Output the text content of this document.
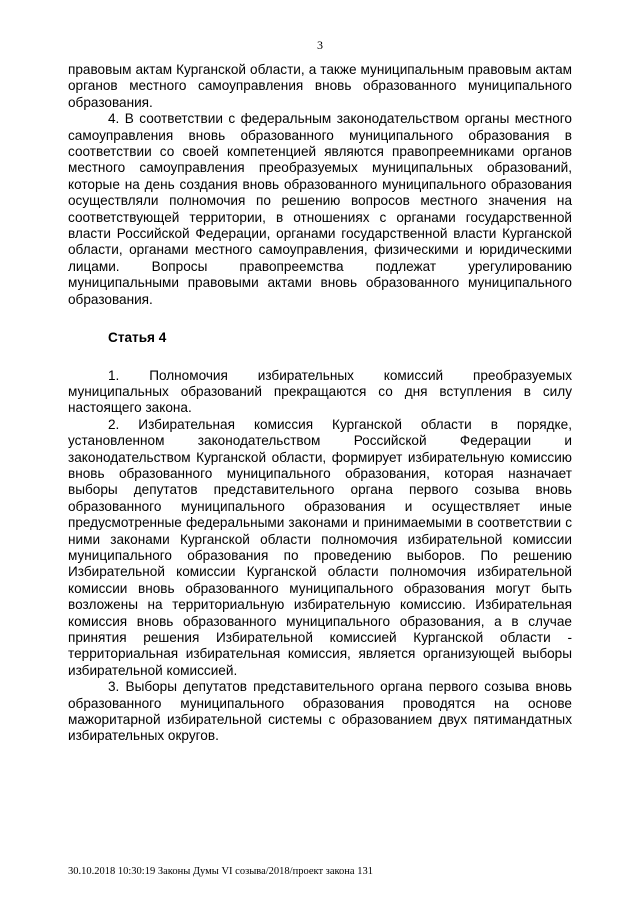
3

правовым актам Курганской области, а также муниципальным правовым актам органов местного самоуправления вновь образованного муниципального образования.

4. В соответствии с федеральным законодательством органы местного самоуправления вновь образованного муниципального образования в соответствии со своей компетенцией являются правопреемниками органов местного самоуправления преобразуемых муниципальных образований, которые на день создания вновь образованного муниципального образования осуществляли полномочия по решению вопросов местного значения на соответствующей территории, в отношениях с органами государственной власти Российской Федерации, органами государственной власти Курганской области, органами местного самоуправления, физическими и юридическими лицами. Вопросы правопреемства подлежат урегулированию муниципальными правовыми актами вновь образованного муниципального образования.

Статья 4

1. Полномочия избирательных комиссий преобразуемых муниципальных образований прекращаются со дня вступления в силу настоящего закона.

2. Избирательная комиссия Курганской области в порядке, установленном законодательством Российской Федерации и законодательством Курганской области, формирует избирательную комиссию вновь образованного муниципального образования, которая назначает выборы депутатов представительного органа первого созыва вновь образованного муниципального образования и осуществляет иные предусмотренные федеральными законами и принимаемыми в соответствии с ними законами Курганской области полномочия избирательной комиссии муниципального образования по проведению выборов. По решению Избирательной комиссии Курганской области полномочия избирательной комиссии вновь образованного муниципального образования могут быть возложены на территориальную избирательную комиссию. Избирательная комиссия вновь образованного муниципального образования, а в случае принятия решения Избирательной комиссией Курганской области - территориальная избирательная комиссия, является организующей выборы избирательной комиссией.

3. Выборы депутатов представительного органа первого созыва вновь образованного муниципального образования проводятся на основе мажоритарной избирательной системы с образованием двух пятимандатных избирательных округов.

30.10.2018 10:30:19 Законы Думы VI созыва/2018/проект закона 131
